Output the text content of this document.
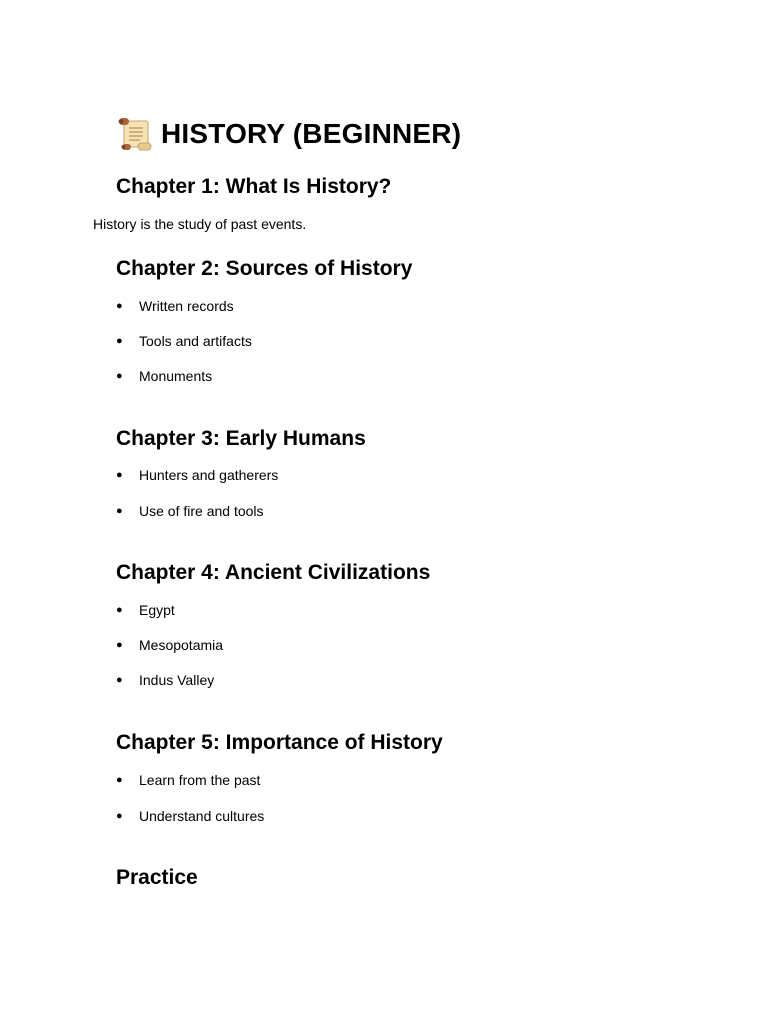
HISTORY (BEGINNER)
Chapter 1: What Is History?
History is the study of past events.
Chapter 2: Sources of History
● Written records
● Tools and artifacts
● Monuments
Chapter 3: Early Humans
● Hunters and gatherers
● Use of fire and tools
Chapter 4: Ancient Civilizations
● Egypt
● Mesopotamia
● Indus Valley
Chapter 5: Importance of History
● Learn from the past
● Understand cultures
Practice
